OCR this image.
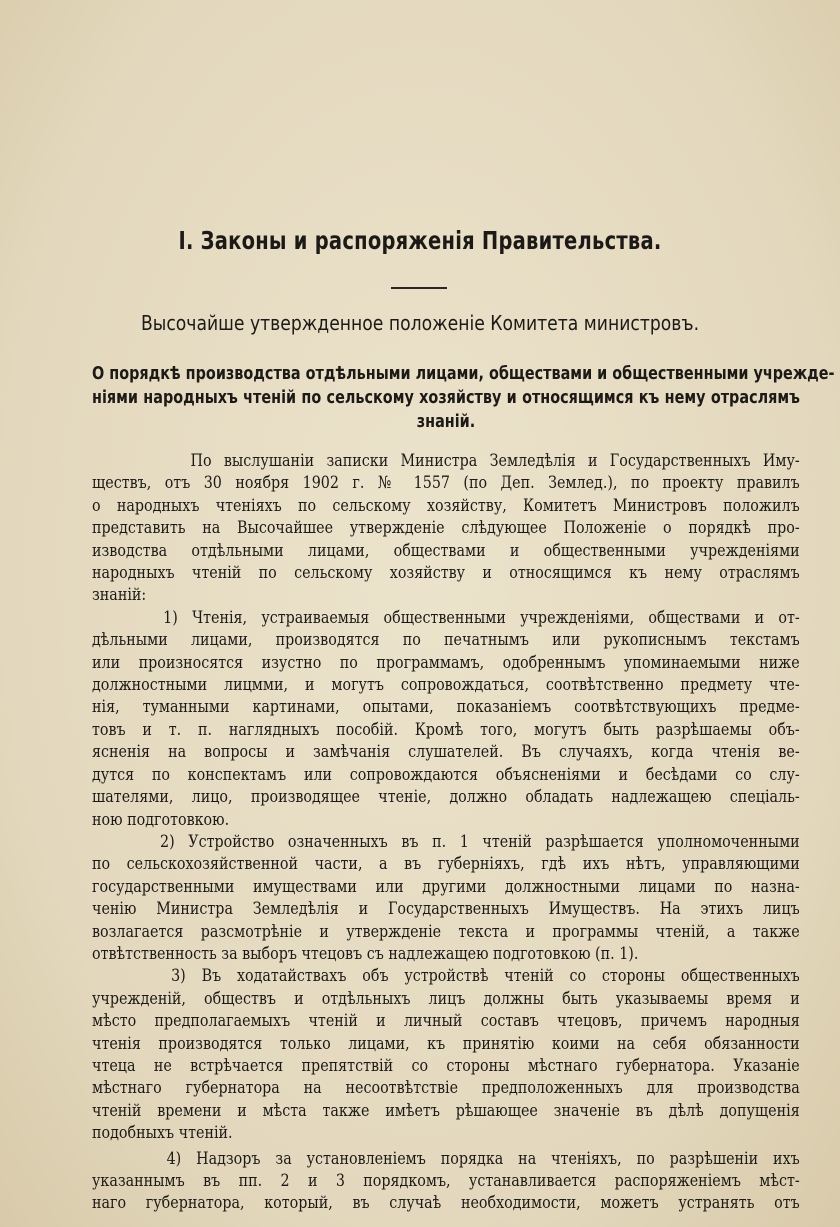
I. Законы и распоряженія Правительства.
Высочайше утвержденное положеніе Комитета министровъ.
О порядкѣ производства отдѣльными лицами, обществами и общественными учрежде-
ніями народныхъ чтеній по сельскому хозяйству и относящимся къ нему отраслямъ
знаній.
По выслушаніи записки Министра Земледѣлія и Государственныхъ Иму-
ществъ, отъ 30 ноября 1902 г. № 1557 (по Деп. Землед.), по проекту правилъ
о народныхъ чтеніяхъ по сельскому хозяйству, Комитетъ Министровъ положилъ
представить на Высочайшее утвержденіе слѣдующее Положеніе о порядкѣ про-
изводства отдѣльными лицами, обществами и общественными учрежденіями
народныхъ чтеній по сельскому хозяйству и относящимся къ нему отраслямъ
знаній:
1) Чтенія, устраиваемыя общественными учрежденіями, обществами и от-
дѣльными лицами, производятся по печатнымъ или рукописнымъ текстамъ
или произносятся изустно по программамъ, одобреннымъ упоминаемыми ниже
должностными лицмми, и могутъ сопровождаться, соотвѣтственно предмету чте-
нія, туманными картинами, опытами, показаніемъ соотвѣтствующихъ предме-
товъ и т. п. наглядныхъ пособій. Кромѣ того, могутъ быть разрѣшаемы объ-
ясненія на вопросы и замѣчанія слушателей. Въ случаяхъ, когда чтенія ве-
дутся по конспектамъ или сопровождаются объясненіями и бесѣдами со слу-
шателями, лицо, производящее чтеніе, должно обладать надлежащею спеціаль-
ною подготовкою.
2) Устройство означенныхъ въ п. 1 чтеній разрѣшается уполномоченными
по сельскохозяйственной части, а въ губерніяхъ, гдѣ ихъ нѣтъ, управляющими
государственными имуществами или другими должностными лицами по назна-
ченію Министра Земледѣлія и Государственныхъ Имуществъ. На этихъ лицъ
возлагается разсмотрѣніе и утвержденіе текста и программы чтеній, а также
отвѣтственность за выборъ чтецовъ съ надлежащею подготовкою (п. 1).
3) Въ ходатайствахъ объ устройствѣ чтеній со стороны общественныхъ
учрежденій, обществъ и отдѣльныхъ лицъ должны быть указываемы время и
мѣсто предполагаемыхъ чтеній и личный составъ чтецовъ, причемъ народныя
чтенія производятся только лицами, къ принятію коими на себя обязанности
чтеца не встрѣчается препятствій со стороны мѣстнаго губернатора. Указаніе
мѣстнаго губернатора на несоотвѣтствіе предположенныхъ для производства
чтеній времени и мѣста также имѣетъ рѣшающее значеніе въ дѣлѣ допущенія
подобныхъ чтеній.
4) Надзоръ за установленіемъ порядка на чтеніяхъ, по разрѣшеніи ихъ
указаннымъ въ пп. 2 и 3 порядкомъ, устанавливается распоряженіемъ мѣст-
наго губернатора, который, въ случаѣ необходимости, можетъ устранять отъ
